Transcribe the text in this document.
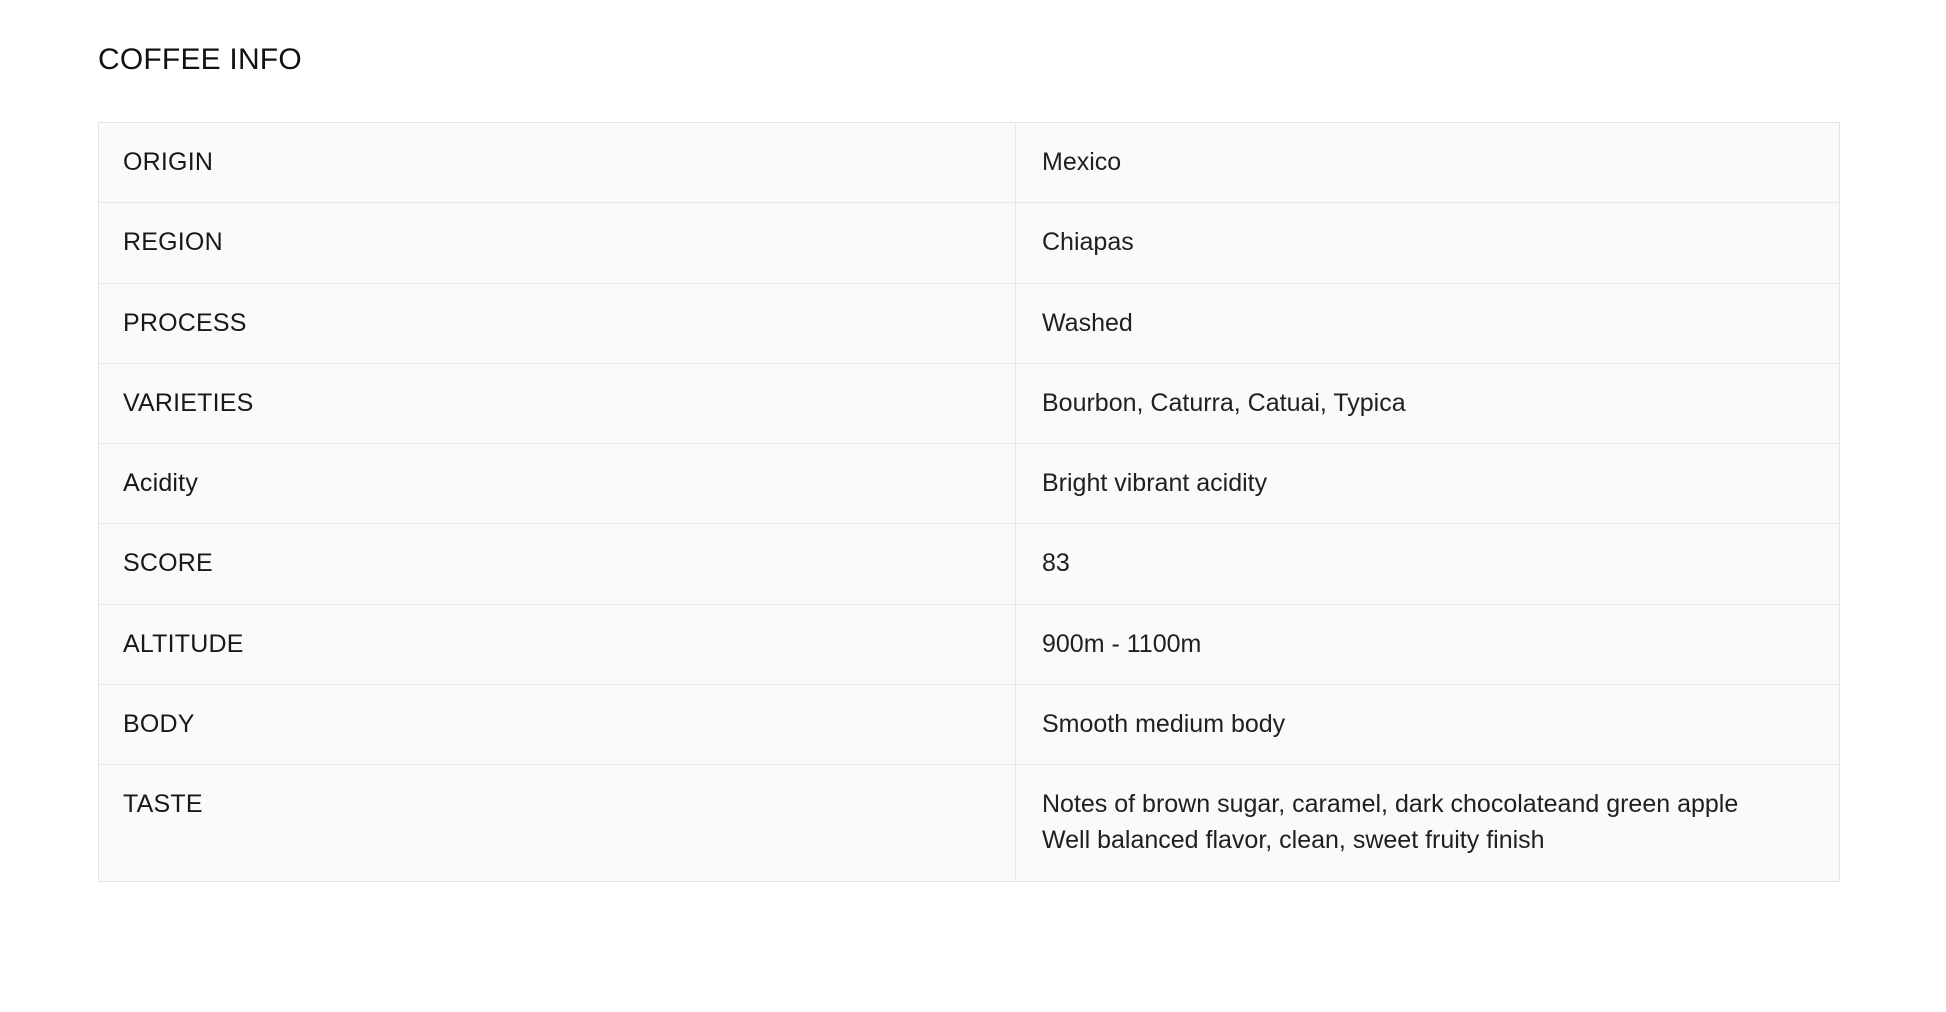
COFFEE INFO
ORIGIN	Mexico

REGION	Chiapas

PROCESS	Washed

VARIETIES	Bourbon, Caturra, Catuai, Typica

Acidity	Bright vibrant acidity

SCORE	83

ALTITUDE	900m - 1100m

BODY	Smooth medium body

TASTE	Notes of brown sugar, caramel, dark chocolateand green apple
Well balanced flavor, clean, sweet fruity finish
